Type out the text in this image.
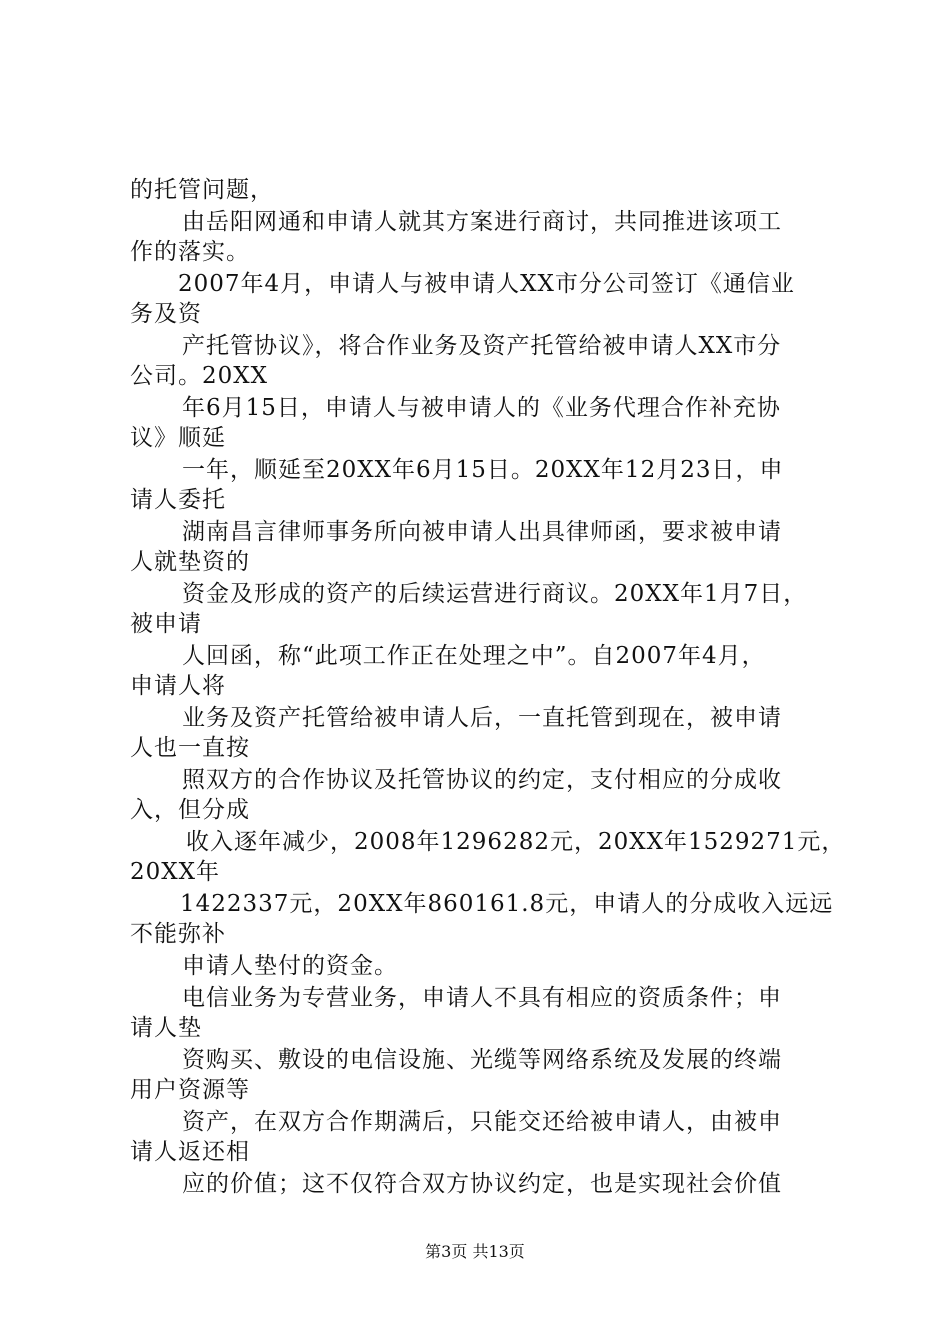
的托管问题，
由岳阳网通和申请人就其方案进行商讨，共同推进该项工
作的落实。
2007年4月，申请人与被申请人XX市分公司签订《通信业
务及资
产托管协议》，将合作业务及资产托管给被申请人XX市分
公司。20XX
年6月15日，申请人与被申请人的《业务代理合作补充协
议》顺延
一年，顺延至20XX年6月15日。20XX年12月23日，申
请人委托
湖南昌言律师事务所向被申请人出具律师函，要求被申请
人就垫资的
资金及形成的资产的后续运营进行商议。20XX年1月7日，
被申请
人回函，称“此项工作正在处理之中”。自2007年4月，
申请人将
业务及资产托管给被申请人后，一直托管到现在，被申请
人也一直按
照双方的合作协议及托管协议的约定，支付相应的分成收
入，但分成
收入逐年减少，2008年1296282元，20XX年1529271元，
20XX年
1422337元，20XX年860161.8元，申请人的分成收入远远
不能弥补
申请人垫付的资金。
电信业务为专营业务，申请人不具有相应的资质条件；申
请人垫
资购买、敷设的电信设施、光缆等网络系统及发展的终端
用户资源等
资产，在双方合作期满后，只能交还给被申请人，由被申
请人返还相
应的价值；这不仅符合双方协议约定，也是实现社会价值
第3页 共13页
